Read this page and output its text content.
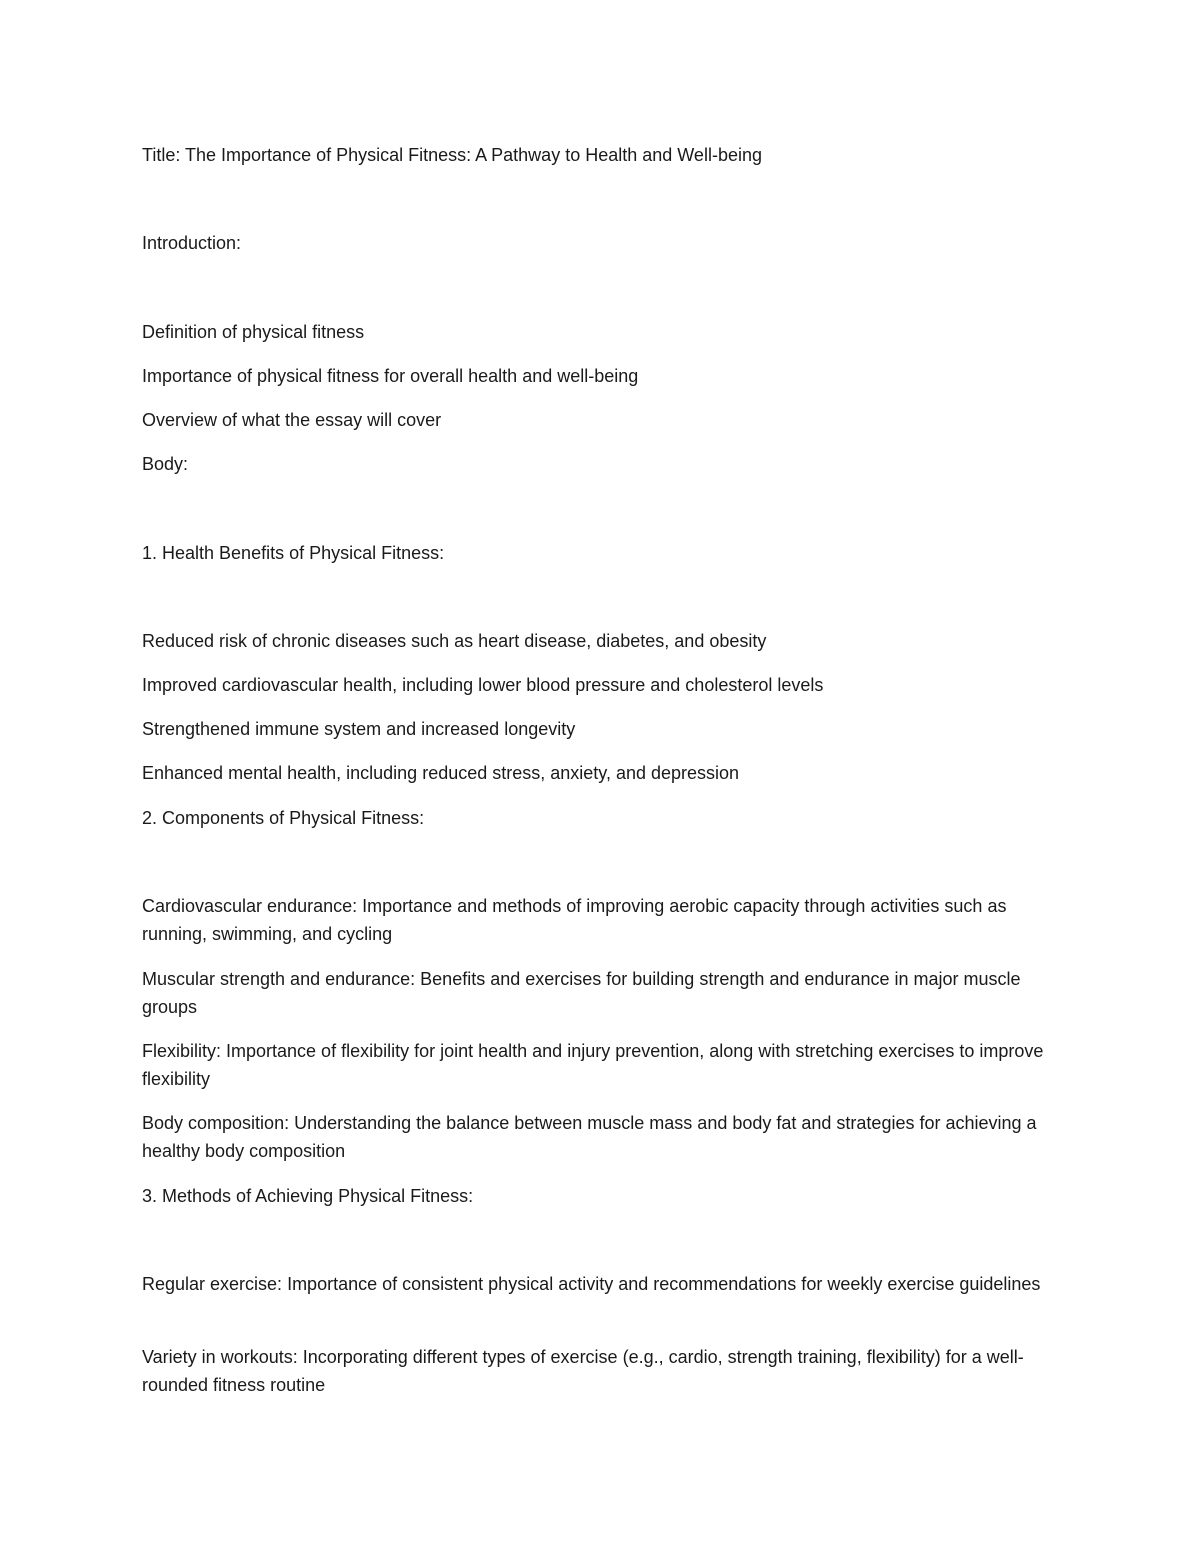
Title: The Importance of Physical Fitness: A Pathway to Health and Well-being

Introduction:

Definition of physical fitness

Importance of physical fitness for overall health and well-being

Overview of what the essay will cover

Body:

1. Health Benefits of Physical Fitness:

Reduced risk of chronic diseases such as heart disease, diabetes, and obesity

Improved cardiovascular health, including lower blood pressure and cholesterol levels

Strengthened immune system and increased longevity

Enhanced mental health, including reduced stress, anxiety, and depression

2. Components of Physical Fitness:

Cardiovascular endurance: Importance and methods of improving aerobic capacity through activities such as running, swimming, and cycling

Muscular strength and endurance: Benefits and exercises for building strength and endurance in major muscle groups

Flexibility: Importance of flexibility for joint health and injury prevention, along with stretching exercises to improve flexibility

Body composition: Understanding the balance between muscle mass and body fat and strategies for achieving a healthy body composition

3. Methods of Achieving Physical Fitness:

Regular exercise: Importance of consistent physical activity and recommendations for weekly exercise guidelines

Variety in workouts: Incorporating different types of exercise (e.g., cardio, strength training, flexibility) for a well-rounded fitness routine
